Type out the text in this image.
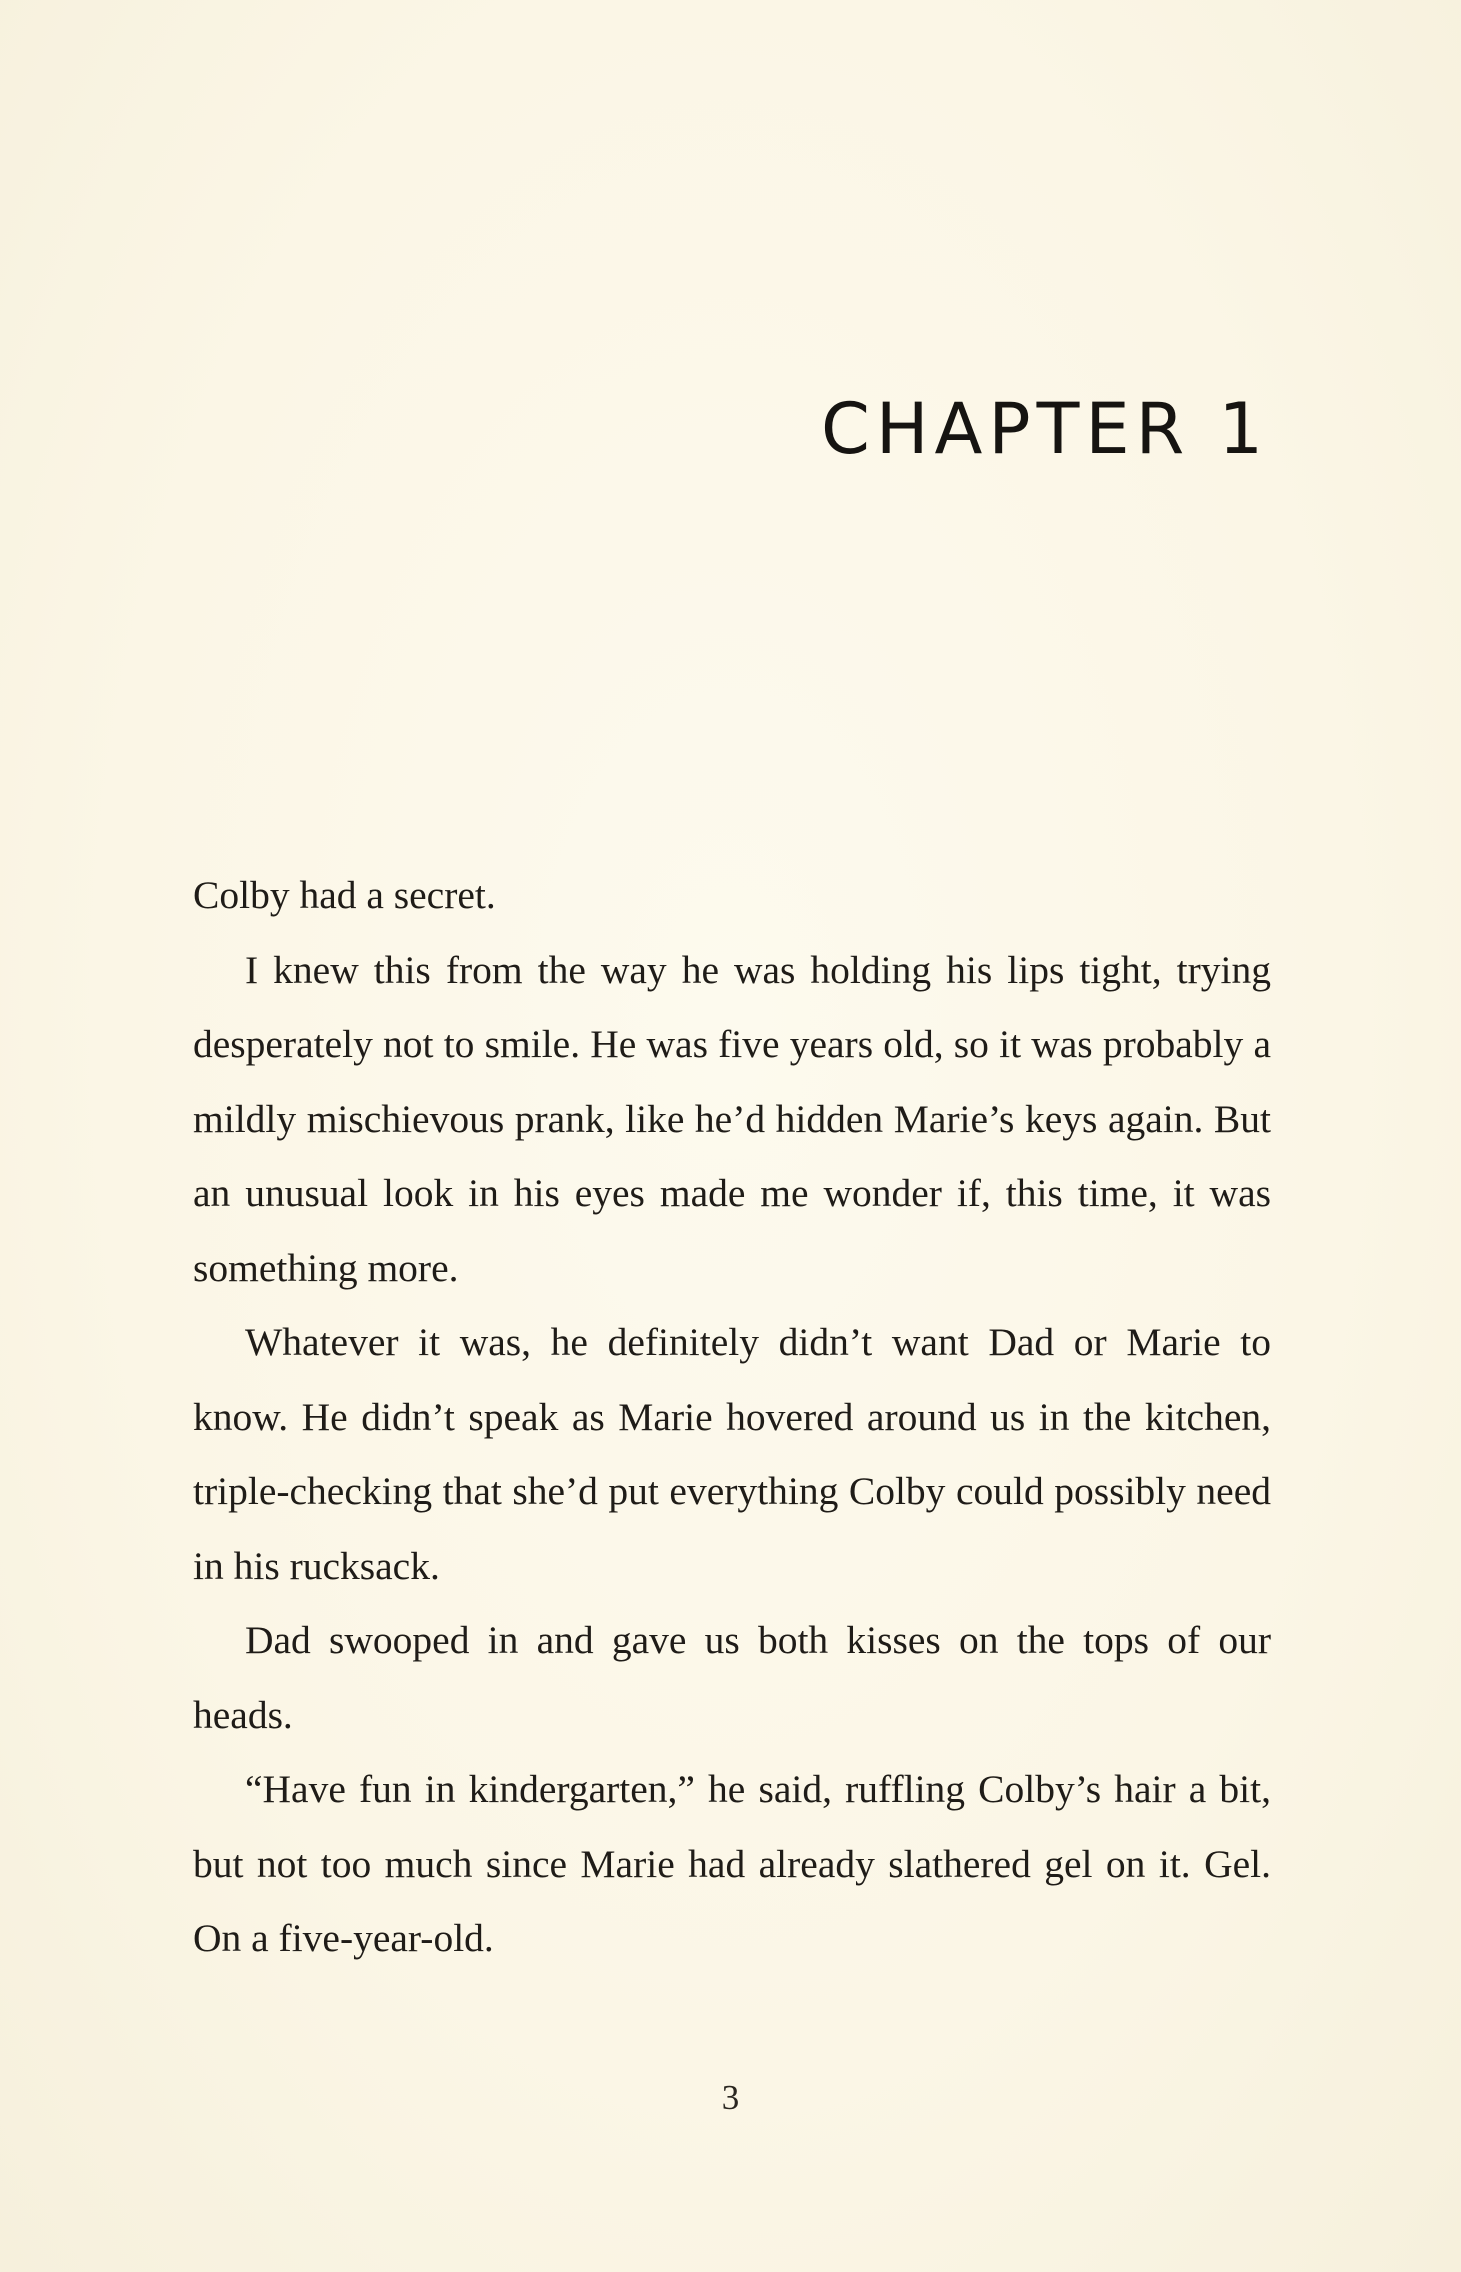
CHAPTER 1

Colby had a secret.

I knew this from the way he was holding his lips tight, trying desperately not to smile. He was five years old, so it was probably a mildly mischievous prank, like he’d hidden Marie’s keys again. But an unusual look in his eyes made me wonder if, this time, it was something more.

Whatever it was, he definitely didn’t want Dad or Marie to know. He didn’t speak as Marie hovered around us in the kitchen, triple-checking that she’d put everything Colby could possibly need in his rucksack.

Dad swooped in and gave us both kisses on the tops of our heads.

“Have fun in kindergarten,” he said, ruffling Colby’s hair a bit, but not too much since Marie had already slathered gel on it. Gel. On a five-year-old.

3
